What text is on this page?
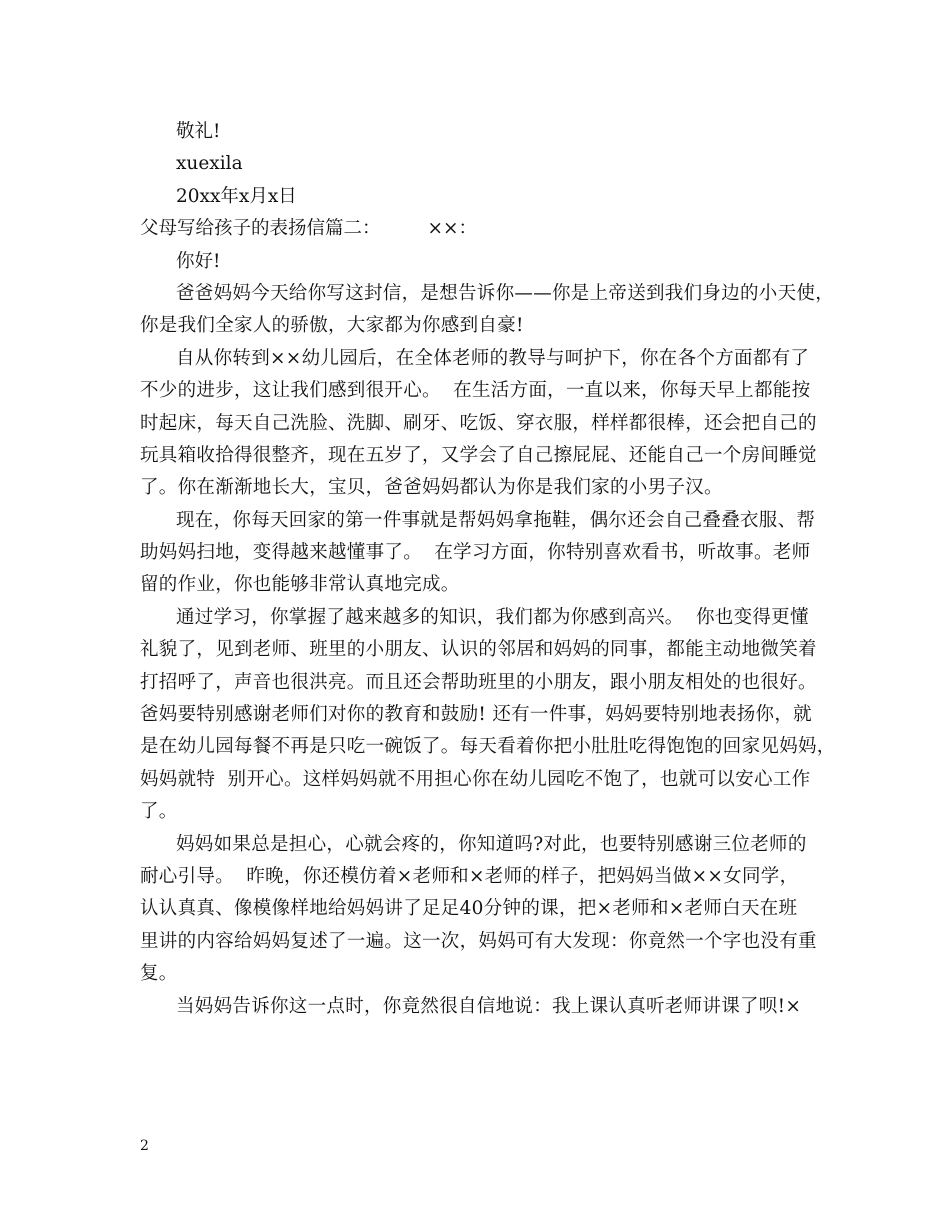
敬礼!
xuexila
20xx年x月x日
父母写给孩子的表扬信篇二：        ××：
你好!
爸爸妈妈今天给你写这封信，是想告诉你——你是上帝送到我们身边的小天使，
你是我们全家人的骄傲，大家都为你感到自豪!
自从你转到××幼儿园后，在全体老师的教导与呵护下，你在各个方面都有了
不少的进步，这让我们感到很开心。  在生活方面，一直以来，你每天早上都能按
时起床，每天自己洗脸、洗脚、刷牙、吃饭、穿衣服，样样都很棒，还会把自己的
玩具箱收拾得很整齐，现在五岁了，又学会了自己擦屁屁、还能自己一个房间睡觉
了。你在渐渐地长大，宝贝，爸爸妈妈都认为你是我们家的小男子汉。
现在，你每天回家的第一件事就是帮妈妈拿拖鞋，偶尔还会自己叠叠衣服、帮
助妈妈扫地，变得越来越懂事了。  在学习方面，你特别喜欢看书，听故事。老师
留的作业，你也能够非常认真地完成。
通过学习，你掌握了越来越多的知识，我们都为你感到高兴。  你也变得更懂
礼貌了，见到老师、班里的小朋友、认识的邻居和妈妈的同事，都能主动地微笑着
打招呼了，声音也很洪亮。而且还会帮助班里的小朋友，跟小朋友相处的也很好。
爸妈要特别感谢老师们对你的教育和鼓励! 还有一件事，妈妈要特别地表扬你，就
是在幼儿园每餐不再是只吃一碗饭了。每天看着你把小肚肚吃得饱饱的回家见妈妈，
妈妈就特  别开心。这样妈妈就不用担心你在幼儿园吃不饱了，也就可以安心工作
了。
妈妈如果总是担心，心就会疼的，你知道吗?对此，也要特别感谢三位老师的
耐心引导。  昨晚，你还模仿着×老师和×老师的样子，把妈妈当做××女同学，
认认真真、像模像样地给妈妈讲了足足40分钟的课，把×老师和×老师白天在班
里讲的内容给妈妈复述了一遍。这一次，妈妈可有大发现：你竟然一个字也没有重
复。
当妈妈告诉你这一点时，你竟然很自信地说：我上课认真听老师讲课了呗!×
2
